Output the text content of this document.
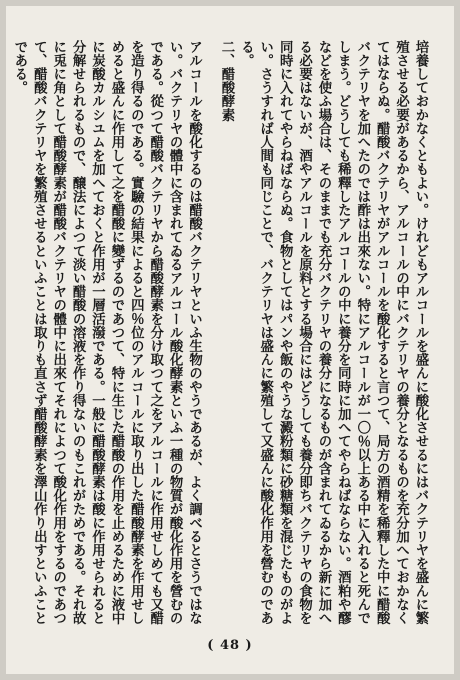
培養しておかなくともよい。けれどもアルコールを盛んに酸化させるにはバクテリヤを盛んに繁殖させる必要があるから、アルコールの中にバクテリヤの養分となるものを充分加へておかなくてはならぬ。醋酸バクテリヤがアルコールを酸化すると言つて、局方の酒精を稀釋した中に醋酸バクテリヤを加へたのでは酢は出來ない。特にアルコールが一〇％以上ある中に入れると死んでしまう。どうしても稀釋したアルコールの中に養分を同時に加へてやらねばならない。酒粕や醪などを使ふ場合は、そのままでも充分バクテリヤの養分になるものが含まれてゐるから新に加へる必要はないが、酒やアルコールを原料とする場合にはどうしても養分即ちバクテリヤの食物を同時に入れてやらねばならぬ。食物としてはパンや飯のやうな澱粉類に砂糖類を混じたものがよい。さうすれば人間も同じことで、バクテリヤは盛んに繁殖して又盛んに酸化作用を營むのである。

二、醋酸酵素

アルコールを酸化するのは醋酸バクテリヤといふ生物のやうであるが、よく調べるとさうではない。バクテリヤの體中に含まれてゐるアルコール酸化酵素といふ一種の物質が酸化作用を營むのである。從つて醋酸バクテリヤから醋酸酵素を分け取つて之をアルコールに作用せしめても又醋を造り得るのである。實驗の結果によると四％位のアルコールに取り出した醋酸酵素を作用せしめると盛んに作用して之を醋酸に變ずるのであつて、特に生じた醋酸の作用を止めるために液中に炭酸カルシユムを加へておくと作用が一層活潑である。一般に醋酸酵素は酸に作用せられると分解せられるもので、醸法によつて淡い醋酸の溶液を作り得ないのもこれがためである。それ故に兎に角として醋酸酵素が醋酸バクテリヤの體中に出來てそれによつて酸化作用をするのであつて、醋酸バクテリヤを繁殖させるといふことは取りも直さず醋酸酵素を澤山作り出すといふことである。

( 48 )
